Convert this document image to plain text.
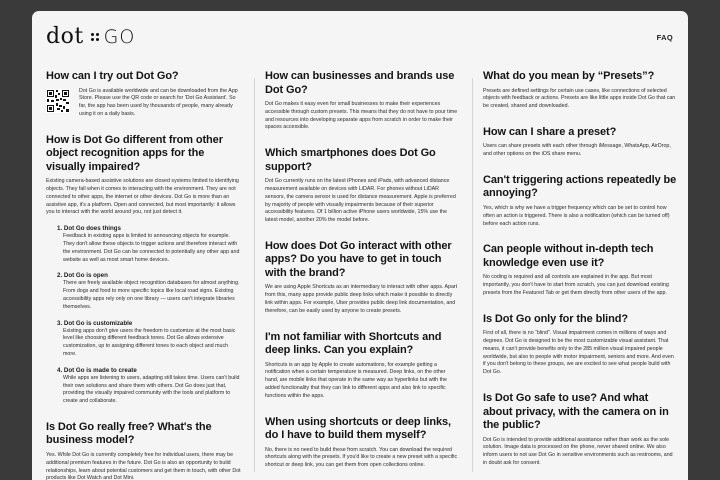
dot GO	FAQ
How can I try out Dot Go?

Dot Go is available worldwide and can be downloaded from the App Store. Please use the QR code or search for 'Dot Go Assistant'. So far, the app has been used by thousands of people, many already using it on a daily basis.

How is Dot Go different from other object recognition apps for the visually impaired?

Existing camera-based assistive solutions are closed systems limited to identifying objects. They fall when it comes to interacting with the environment. They are not connected to other apps, the internet or other devices. Dot Go is more than an assistive app, it's a platform. Open and connected, but most importantly: it allows you to interact with the world around you, not just detect it.

1. Dot Go does things

Feedback in existing apps is limited to announcing objects for example. They don't allow these objects to trigger actions and therefore interact with the environment. Dot Go can be connected to potentially any other app and website as well as most smart home devices.

2. Dot Go is open

There are freely available object recognition databases for almost anything. From dogs and food to more specific topics like local road signs. Existing accessibility apps rely only on one library — users can't integrate libraries themselves.

3. Dot Go is customizable

Existing apps don't give users the freedom to customize at the most basic level like choosing different feedback tones. Dot Go allows extensive customization, up to assigning different tones to each object and much more.

4. Dot Go is made to create

While apps are listening to users, adapting still takes time. Users can't build their own solutions and share them with others. Dot Go does just that, providing the visually impaired community with the tools and platform to create and collaborate.

Is Dot Go really free? What's the business model?

Yes. While Dot Go is currently completely free for individual users, there may be additional premium features in the future. Dot Go is also an opportunity to build relationships, learn about potential customers and get them in touch, with other Dot products like Dot Watch and Dot Mini.

How can businesses and brands use Dot Go?

Dot Go makes it easy even for small businesses to make their experiences accessible through custom presets. This means that they do not have to pour time and resources into developing separate apps from scratch in order to make their spaces accessible.

Which smartphones does Dot Go support?

Dot Go currently runs on the latest iPhones and iPads, with advanced distance measurement available on devices with LiDAR. For phones without LiDAR sensors, the camera sensor is used for distance measurement. Apple is preferred by majority of people with visually impairments because of their superior accessibility features. Of 1 billion active iPhone users worldwide, 15% use the latest model, another 20% the model before.

How does Dot Go interact with other apps? Do you have to get in touch with the brand?

We are using Apple Shortcuts as an intermediary to interact with other apps. Apart from this, many apps provide public deep links which make it possible to directly link within apps. For example, Uber provides public deep link documentation, and therefore, can be easily used by anyone to create presets.

I'm not familiar with Shortcuts and deep links. Can you explain?

Shortcuts is an app by Apple to create automations, for example getting a notification when a certain temperature is measured. Deep links, on the other hand, are mobile links that operate in the same way as hyperlinks but with the added functionality that they can link to different apps and also link to specific functions within the apps.

When using shortcuts or deep links, do I have to build them myself?

No, there is no need to build these from scratch. You can download the required shortcuts along with the presets. If you'd like to create a new preset with a specific shortcut or deep link, you can get them from open collections online.

What do you mean by “Presets”?

Presets are defined settings for certain use cases, like connections of selected objects with feedback or actions. Presets are like little apps inside Dot Go that can be created, shared and downloaded.

How can I share a preset?

Users can share presets with each other through iMessage, WhatsApp, AirDrop, and other options on the iOS share menu.

Can't triggering actions repeatedly be annoying?

Yes, which is why we have a trigger frequency which can be set to control how often an action is triggered. There is also a notification (which can be turned off) before each action runs.

Can people without in-depth tech knowledge even use it?

No coding is required and all controls are explained in the app. But most importantly, you don't have to start from scratch, you can just download existing presets from the Featured Tab or get them directly from other users of the app.

Is Dot Go only for the blind?

First of all, there is no “blind”. Visual impairment comes in millions of ways and degrees. Dot Go is designed to be the most customizable visual assistant. That means, it can't provide benefits only to the 285 million visual impaired people worldwide, but also to people with motor impairment, seniors and more. And even if you don't belong to these groups, we are excited to see what people build with Dot Go.

Is Dot Go safe to use? And what about privacy, with the camera on in the public?

Dot Go is intended to provide additional assistance rather than work as the sole solution. Image data is processed on the phone, never shared online. We also inform users to not use Dot Go in sensitive environments such as restrooms, and in doubt ask for consent.
